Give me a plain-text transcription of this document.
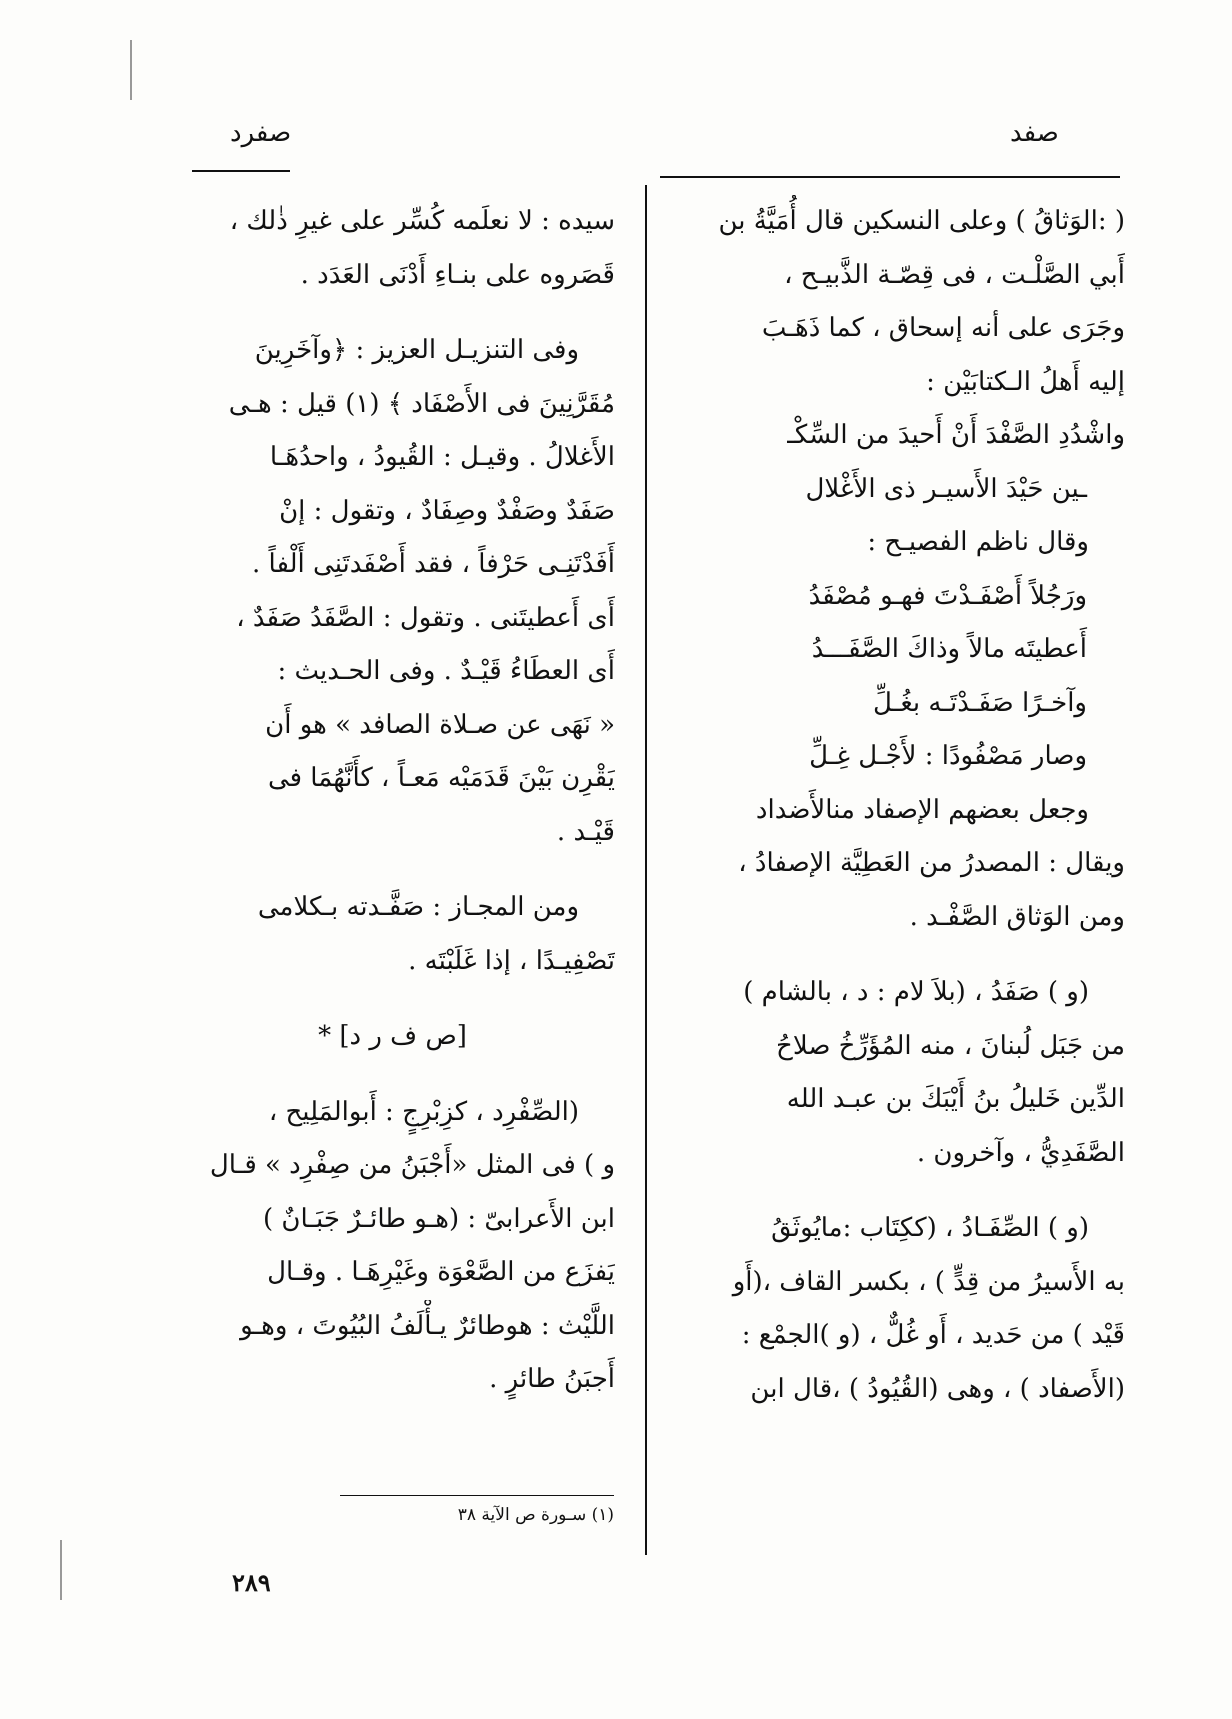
صفد
صفرد
( :الوَثاقُ ) وعلى النسكين قال أُمَيَّةُ بن
أَبي الصَّلْـت ، فى قِصّـة الذَّبيـح ،
وجَرَى على أنه إسحاق ، كما ذَهَـبَ
إليه أَهلُ الـكتابَيْن :
واشْدُدِ الصَّفْدَ أَنْ أَحيدَ من السِّكْـ
ـين حَيْدَ الأَسيـر ذى الأَغْلال
وقال ناظم الفصيـح :
ورَجُلاً أَصْفَـدْتَ فهـو مُصْفَدُ
أَعطيتَه مالاً وذاكَ الصَّفَـــدُ
وآخـرًا صَفَـدْتَـه بغُـلِّ
وصار مَصْفُودًا : لأَجْـل غِـلِّ
وجعل بعضهم الإصفاد منالأَضداد
ويقال : المصدرُ من العَطِيَّة الإصفادُ ،
ومن الوَثاق الصَّفْـد .
(و ) صَفَدُ ، (بلاَ لام : د ، بالشام )
من جَبَل لُبنانَ ، منه المُؤَرِّخُ صلاحُ
الدِّين خَليلُ بنُ أَيْبَكَ بن عبـد الله
الصَّفَدِيُّ ، وآخرون .
(و ) الصِّفَـادُ ، (ككِتَاب :مايُوثَقُ
به الأَسيرُ من قِدٍّ ) ، بكسر القاف ،(أَو
قَيْد ) من حَديد ، أَو غُلٌّ ، (و )الجمْع :
(الأَصفاد ) ، وهى (القُيُودُ ) ،قال ابن
سيده : لا نعلَمه كُسِّر على غيرِ ذٰلك ،
قَصَروه على بنـاءِ أَدْنَى العَدَد .
وفى التنزيـل العزيز : ﴿وآخَرِينَ
مُقَرَّنِينَ فى الأَصْفَاد ﴾ (١) قيل : هـى
الأَغلالُ . وقيـل : القُيودُ ، واحدُهَـا
صَفَدٌ وصَفْدٌ وصِفَادٌ ، وتقول : إنْ
أَفَدْتَنِـى حَرْفاً ، فقد أَصْفَدتَنِى أَلْفاً .
أَى أَعطيتَنى . وتقول : الصَّفَدُ صَفَدٌ ،
أَى العطَاءُ قَيْـدٌ . وفى الحـديث :
« نَهَى عن صـلاة الصافد » هو أَن
يَقْرِن بَيْنَ قَدَمَيْه مَعـاً ، كأَنَّهُمَا فى
قَيْـد .
ومن المجـاز : صَفَّـدته بـكلامى
تَصْفِيـدًا ، إذا غَلَبْتَه .
[ص ف ر د] *
(الصِّفْرِد ، كزِبْرِجٍ : أَبوالمَلِيح ،
و ) فى المثل «أَجْبَنُ من صِفْرِد » قـال
ابن الأَعرابىّ : (هـو طائـرٌ جَبَـانٌ )
يَفزَع من الصَّعْوَة وغَيْرِهَـا . وقـال
اللَّيْث : هوطائرٌ يـأْلَفُ البُيُوتَ ، وهـو
أَجبَنُ طائرٍ .
(١) سـورة ص الآية ٣٨
٢٨٩
